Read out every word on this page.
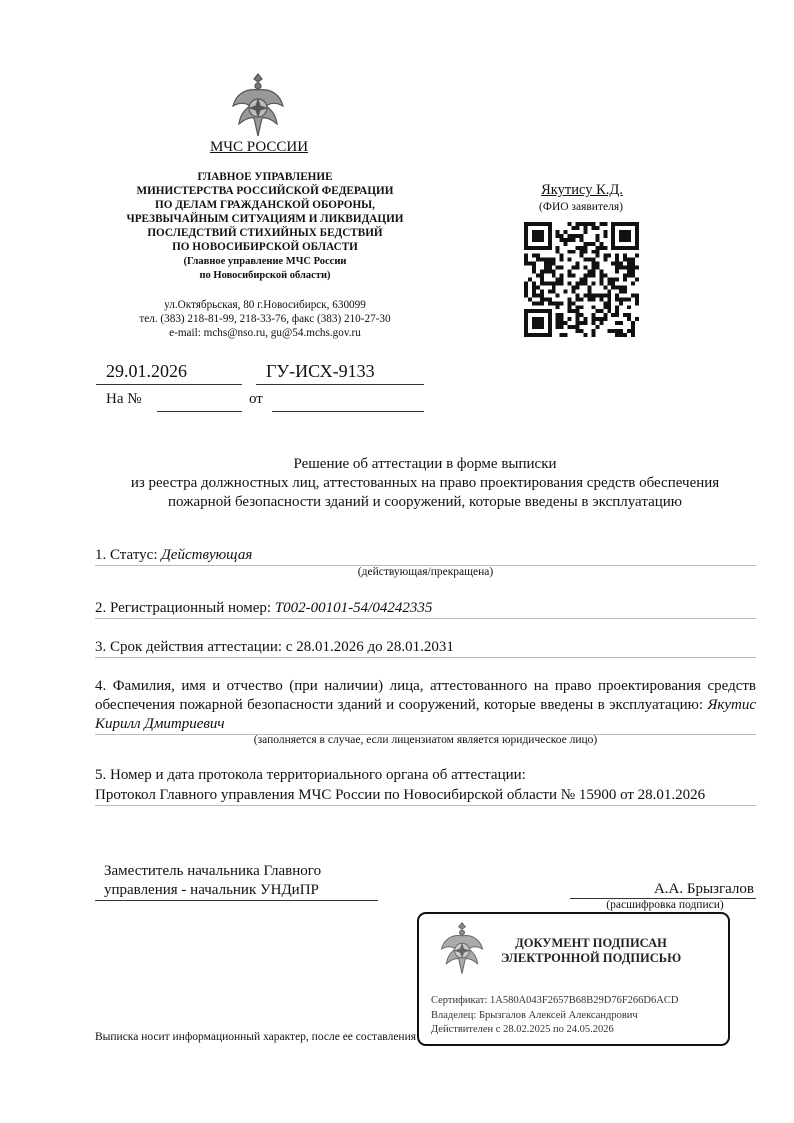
МЧС РОССИИ
ГЛАВНОЕ УПРАВЛЕНИЕ
МИНИСТЕРСТВА РОССИЙСКОЙ ФЕДЕРАЦИИ
ПО ДЕЛАМ ГРАЖДАНСКОЙ ОБОРОНЫ,
ЧРЕЗВЫЧАЙНЫМ СИТУАЦИЯМ И ЛИКВИДАЦИИ
ПОСЛЕДСТВИЙ СТИХИЙНЫХ БЕДСТВИЙ
ПО НОВОСИБИРСКОЙ ОБЛАСТИ
(Главное управление МЧС России
по Новосибирской области)
ул.Октябрьская, 80 г.Новосибирск, 630099
тел. (383) 218-81-99, 218-33-76, факс (383) 210-27-30
e-mail: mchs@nso.ru, gu@54.mchs.gov.ru
Якутису К.Д.
(ФИО заявителя)
29.01.2026	ГУ-ИСХ-9133
На №	от
Решение об аттестации в форме выписки
из реестра должностных лиц, аттестованных на право проектирования средств обеспечения
пожарной безопасности зданий и сооружений, которые введены в эксплуатацию
1. Статус: Действующая
(действующая/прекращена)
2. Регистрационный номер: Т002-00101-54/04242335
3. Срок действия аттестации: с 28.01.2026 до 28.01.2031
4. Фамилия, имя и отчество (при наличии) лица, аттестованного на право проектирования средств обеспечения пожарной безопасности зданий и сооружений, которые введены в эксплуатацию: Якутис Кирилл Дмитриевич
(заполняется в случае, если лицензиатом является юридическое лицо)
5. Номер и дата протокола территориального органа об аттестации:
Протокол Главного управления МЧС России по Новосибирской области № 15900 от 28.01.2026
Заместитель начальника Главного
управления - начальник УНДиПР	А.А. Брызгалов
(расшифровка подписи)
Выписка носит информационный характер, после ее составления
ДОКУМЕНТ ПОДПИСАН
ЭЛЕКТРОННОЙ ПОДПИСЬЮ
Сертификат: 1A580A043F2657B68B29D76F266D6ACD
Владелец: Брызгалов Алексей Александрович
Действителен с 28.02.2025 по 24.05.2026
